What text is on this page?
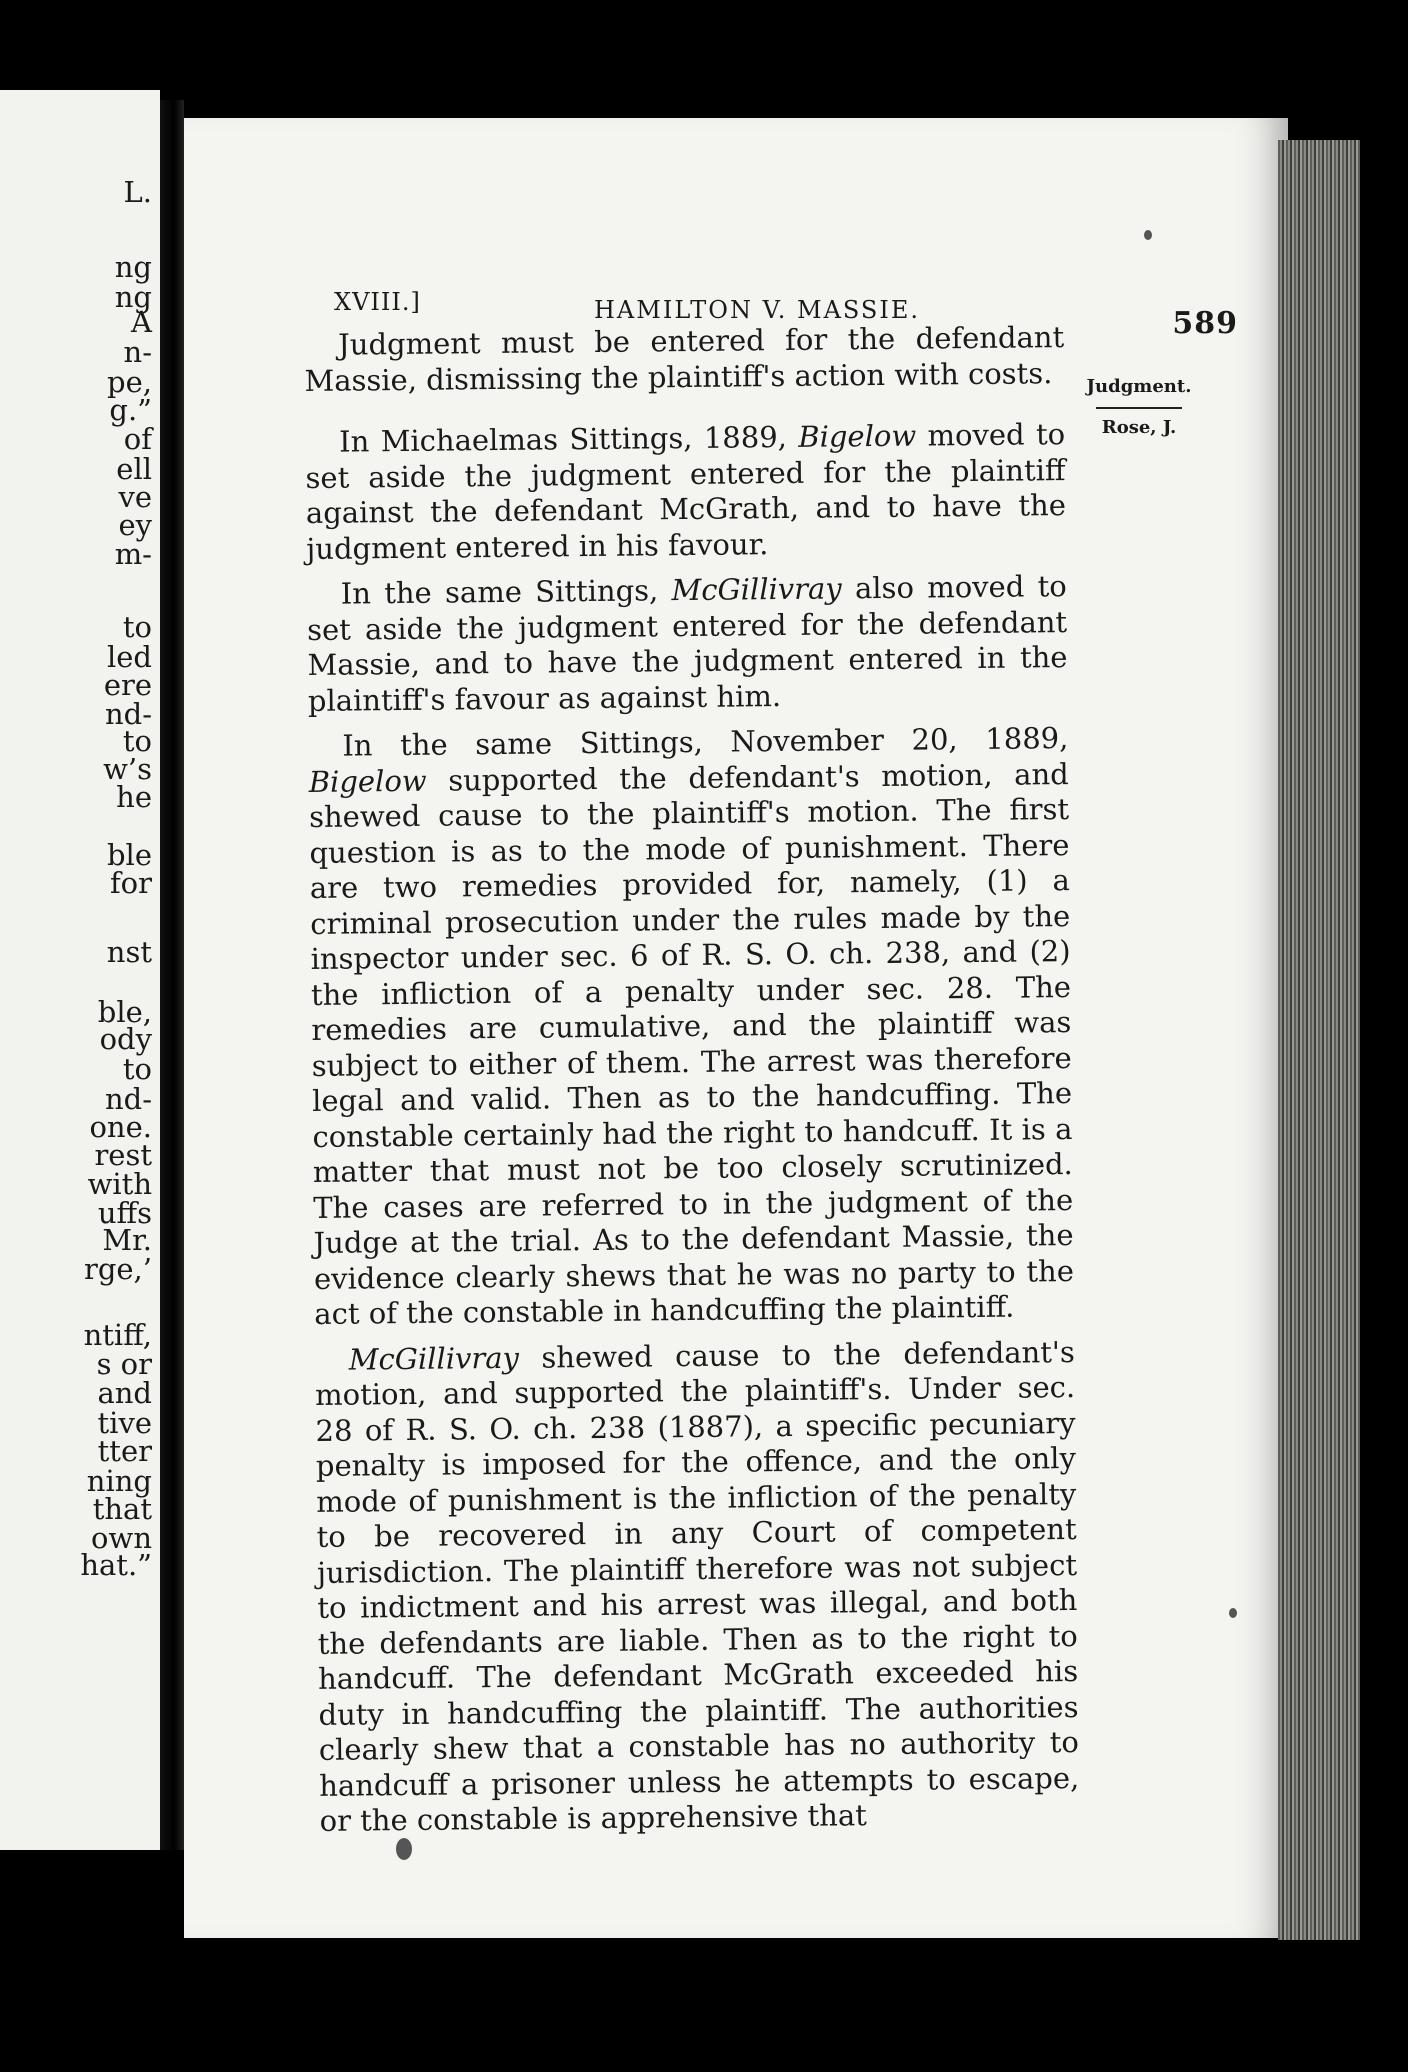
L.
ng
ng
A
n-
pe,
g.”
of
ell
ve
ey
m-
to
led
ere
nd-
to
w’s
he
ble
for
nst
ble,
ody
to
nd-
one.
rest
with
uffs
Mr.
rge,’
ntiff,
s or
and
tive
tter
ning
that
own
hat.”
XVIII.]	HAMILTON V. MASSIE.	589
Judgment.
Rose, J.

Judgment must be entered for the defendant Massie, dismissing the plaintiff's action with costs.

In Michaelmas Sittings, 1889, Bigelow moved to set aside the judgment entered for the plaintiff against the defendant McGrath, and to have the judgment entered in his favour.

In the same Sittings, McGillivray also moved to set aside the judgment entered for the defendant Massie, and to have the judgment entered in the plaintiff's favour as against him.

In the same Sittings, November 20, 1889, Bigelow supported the defendant's motion, and shewed cause to the plaintiff's motion. The first question is as to the mode of punishment. There are two remedies provided for, namely, (1) a criminal prosecution under the rules made by the inspector under sec. 6 of R. S. O. ch. 238, and (2) the infliction of a penalty under sec. 28. The remedies are cumulative, and the plaintiff was subject to either of them. The arrest was therefore legal and valid. Then as to the handcuffing. The constable certainly had the right to handcuff. It is a matter that must not be too closely scrutinized. The cases are referred to in the judgment of the Judge at the trial. As to the defendant Massie, the evidence clearly shews that he was no party to the act of the constable in handcuffing the plaintiff.

McGillivray shewed cause to the defendant's motion, and supported the plaintiff's. Under sec. 28 of R. S. O. ch. 238 (1887), a specific pecuniary penalty is imposed for the offence, and the only mode of punishment is the infliction of the penalty to be recovered in any Court of competent jurisdiction. The plaintiff therefore was not subject to indictment and his arrest was illegal, and both the defendants are liable. Then as to the right to handcuff. The defendant McGrath exceeded his duty in handcuffing the plaintiff. The authorities clearly shew that a constable has no authority to handcuff a prisoner unless he attempts to escape, or the constable is apprehensive that
